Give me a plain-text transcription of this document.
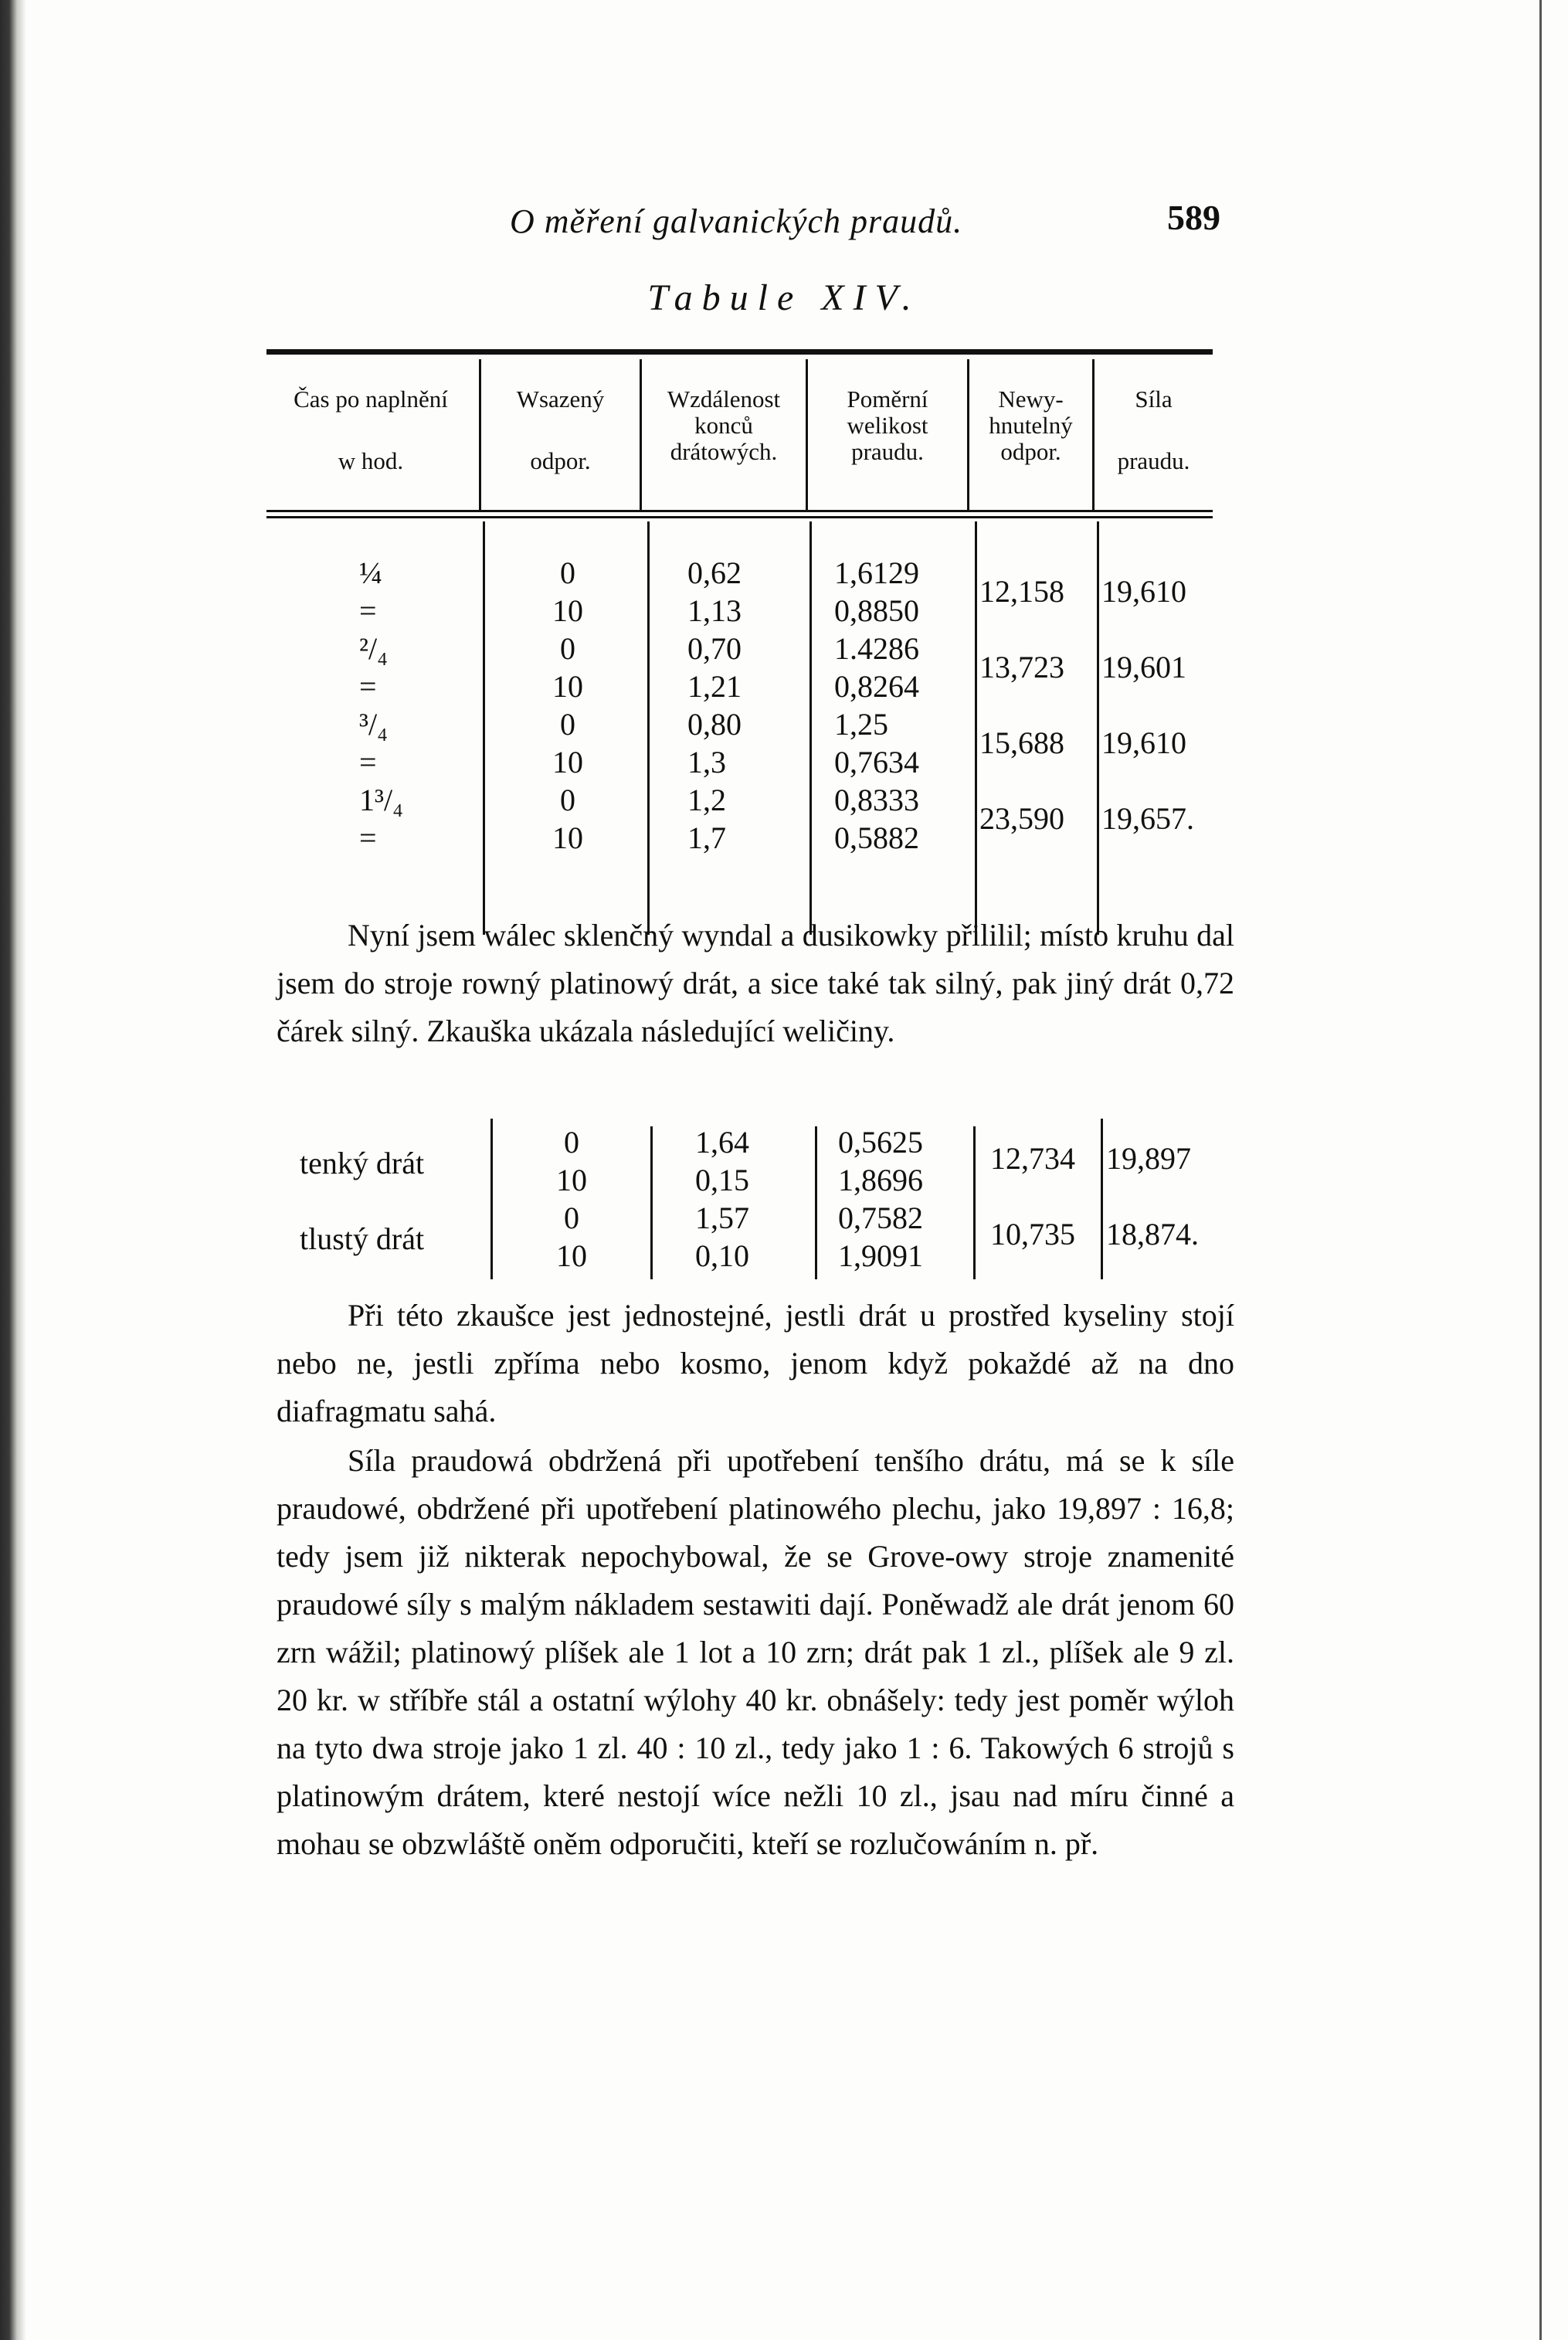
O měření galvanických praudů.	589
Tabule XIV.
Čas po naplnění
w hod.
Wsazený
odpor.
Wzdálenost
konců
drátowých.
Poměrní
welikost
praudu.
Newy-
hnutelný
odpor.
Síla
praudu.
¼
=
²/₄
=
³/₄
=
1³/₄
=
0
10
0
10
0
10
0
10
0,62
1,13
0,70
1,21
0,80
1,3
1,2
1,7
1,6129
0,8850
1.4286
0,8264
1,25
0,7634
0,8333
0,5882
12,158
13,723
15,688
23,590
19,610
19,601
19,610
19,657.
Nyní jsem wálec sklenčný wyndal a dusikowky přililil; místo kruhu dal jsem do stroje rowný platinowý drát, a sice také tak silný, pak jiný drát 0,72 čárek silný. Zkauška ukázala následující weličiny.
tenký drát
tlustý drát
0
10
0
10
1,64
0,15
1,57
0,10
0,5625
1,8696
0,7582
1,9091
12,734
10,735
19,897
18,874.
Při této zkaušce jest jednostejné, jestli drát u prostřed kyseliny stojí nebo ne, jestli zpříma nebo kosmo, jenom když pokaždé až na dno diafragmatu sahá.
Síla praudowá obdržená při upotřebení tenšího drátu, má se k síle praudowé, obdržené při upotřebení platinowého plechu, jako 19,897 : 16,8; tedy jsem již nikterak nepochybowal, že se Grove-owy stroje znamenité praudowé síly s malým nákladem sestawiti dají. Poněwadž ale drát jenom 60 zrn wážil; platinowý plíšek ale 1 lot a 10 zrn; drát pak 1 zl., plíšek ale 9 zl. 20 kr. w stříbře stál a ostatní wýlohy 40 kr. obnášely: tedy jest poměr wýloh na tyto dwa stroje jako 1 zl. 40 : 10 zl., tedy jako 1 : 6. Takowých 6 strojů s platinowým drátem, které nestojí wíce nežli 10 zl., jsau nad míru činné a mohau se obzwláště oněm odporučiti, kteří se rozlučowáním n. př.
